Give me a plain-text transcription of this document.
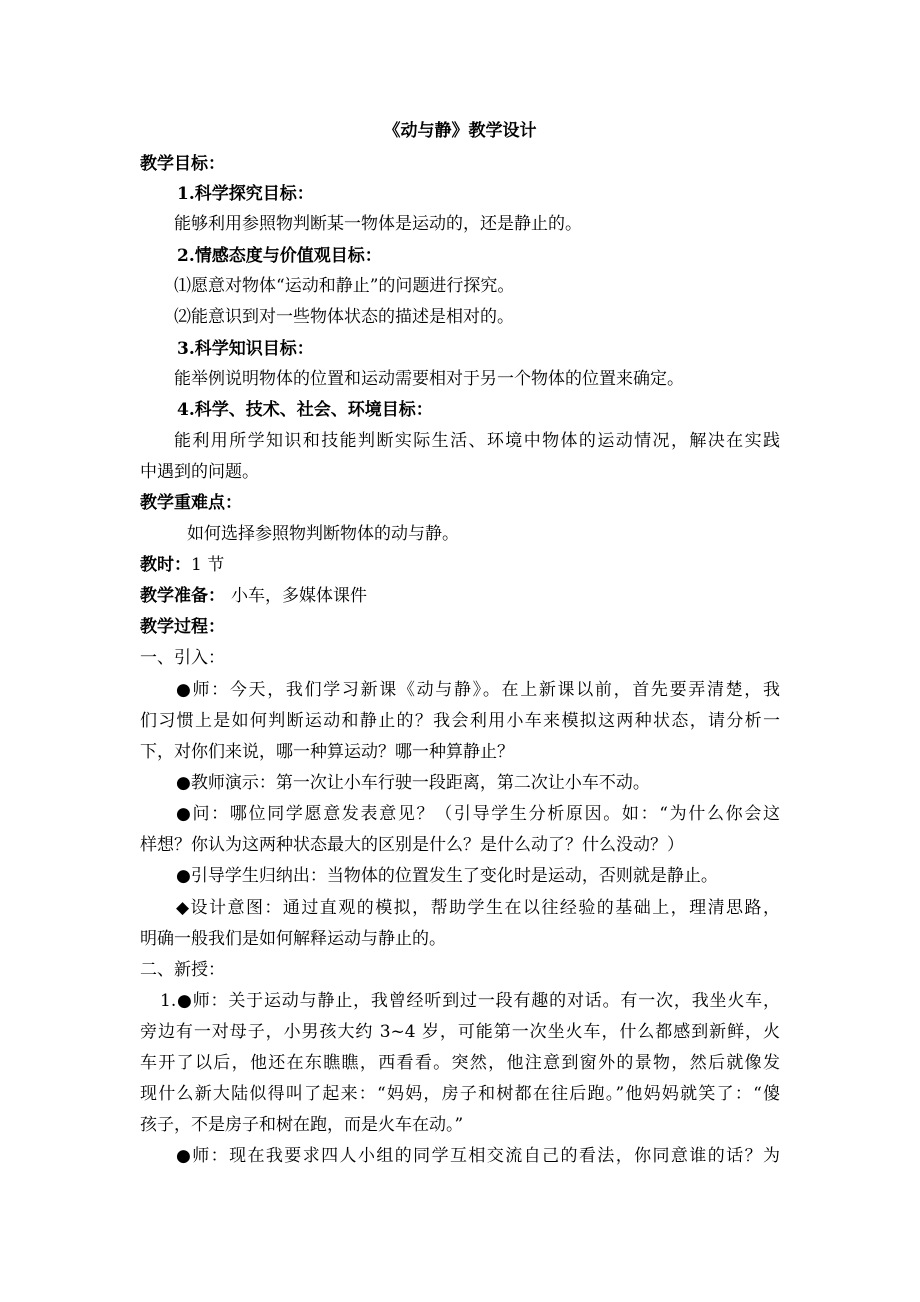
《动与静》教学设计
教学目标：
1.科学探究目标：
能够利用参照物判断某一物体是运动的，还是静止的。
2.情感态度与价值观目标：
⑴愿意对物体“运动和静止”的问题进行探究。
⑵能意识到对一些物体状态的描述是相对的。
3.科学知识目标：
能举例说明物体的位置和运动需要相对于另一个物体的位置来确定。
4.科学、技术、社会、环境目标：
能利用所学知识和技能判断实际生活、环境中物体的运动情况，解决在实践
中遇到的问题。
教学重难点：
如何选择参照物判断物体的动与静。
教时：1 节
教学准备： 小车，多媒体课件
教学过程：
一、引入：
●师：今天，我们学习新课《动与静》。在上新课以前，首先要弄清楚，我
们习惯上是如何判断运动和静止的？我会利用小车来模拟这两种状态，请分析一
下，对你们来说，哪一种算运动？哪一种算静止？
●教师演示：第一次让小车行驶一段距离，第二次让小车不动。
●问：哪位同学愿意发表意见？（引导学生分析原因。如：“为什么你会这
样想？你认为这两种状态最大的区别是什么？是什么动了？什么没动？）
●引导学生归纳出：当物体的位置发生了变化时是运动，否则就是静止。
◆设计意图：通过直观的模拟，帮助学生在以往经验的基础上，理清思路，
明确一般我们是如何解释运动与静止的。
二、新授：
1.●师：关于运动与静止，我曾经听到过一段有趣的对话。有一次，我坐火车，
旁边有一对母子，小男孩大约 3~4 岁，可能第一次坐火车，什么都感到新鲜，火
车开了以后，他还在东瞧瞧，西看看。突然，他注意到窗外的景物，然后就像发
现什么新大陆似得叫了起来：“妈妈，房子和树都在往后跑。”他妈妈就笑了：“傻
孩子，不是房子和树在跑，而是火车在动。”
●师：现在我要求四人小组的同学互相交流自己的看法，你同意谁的话？为
